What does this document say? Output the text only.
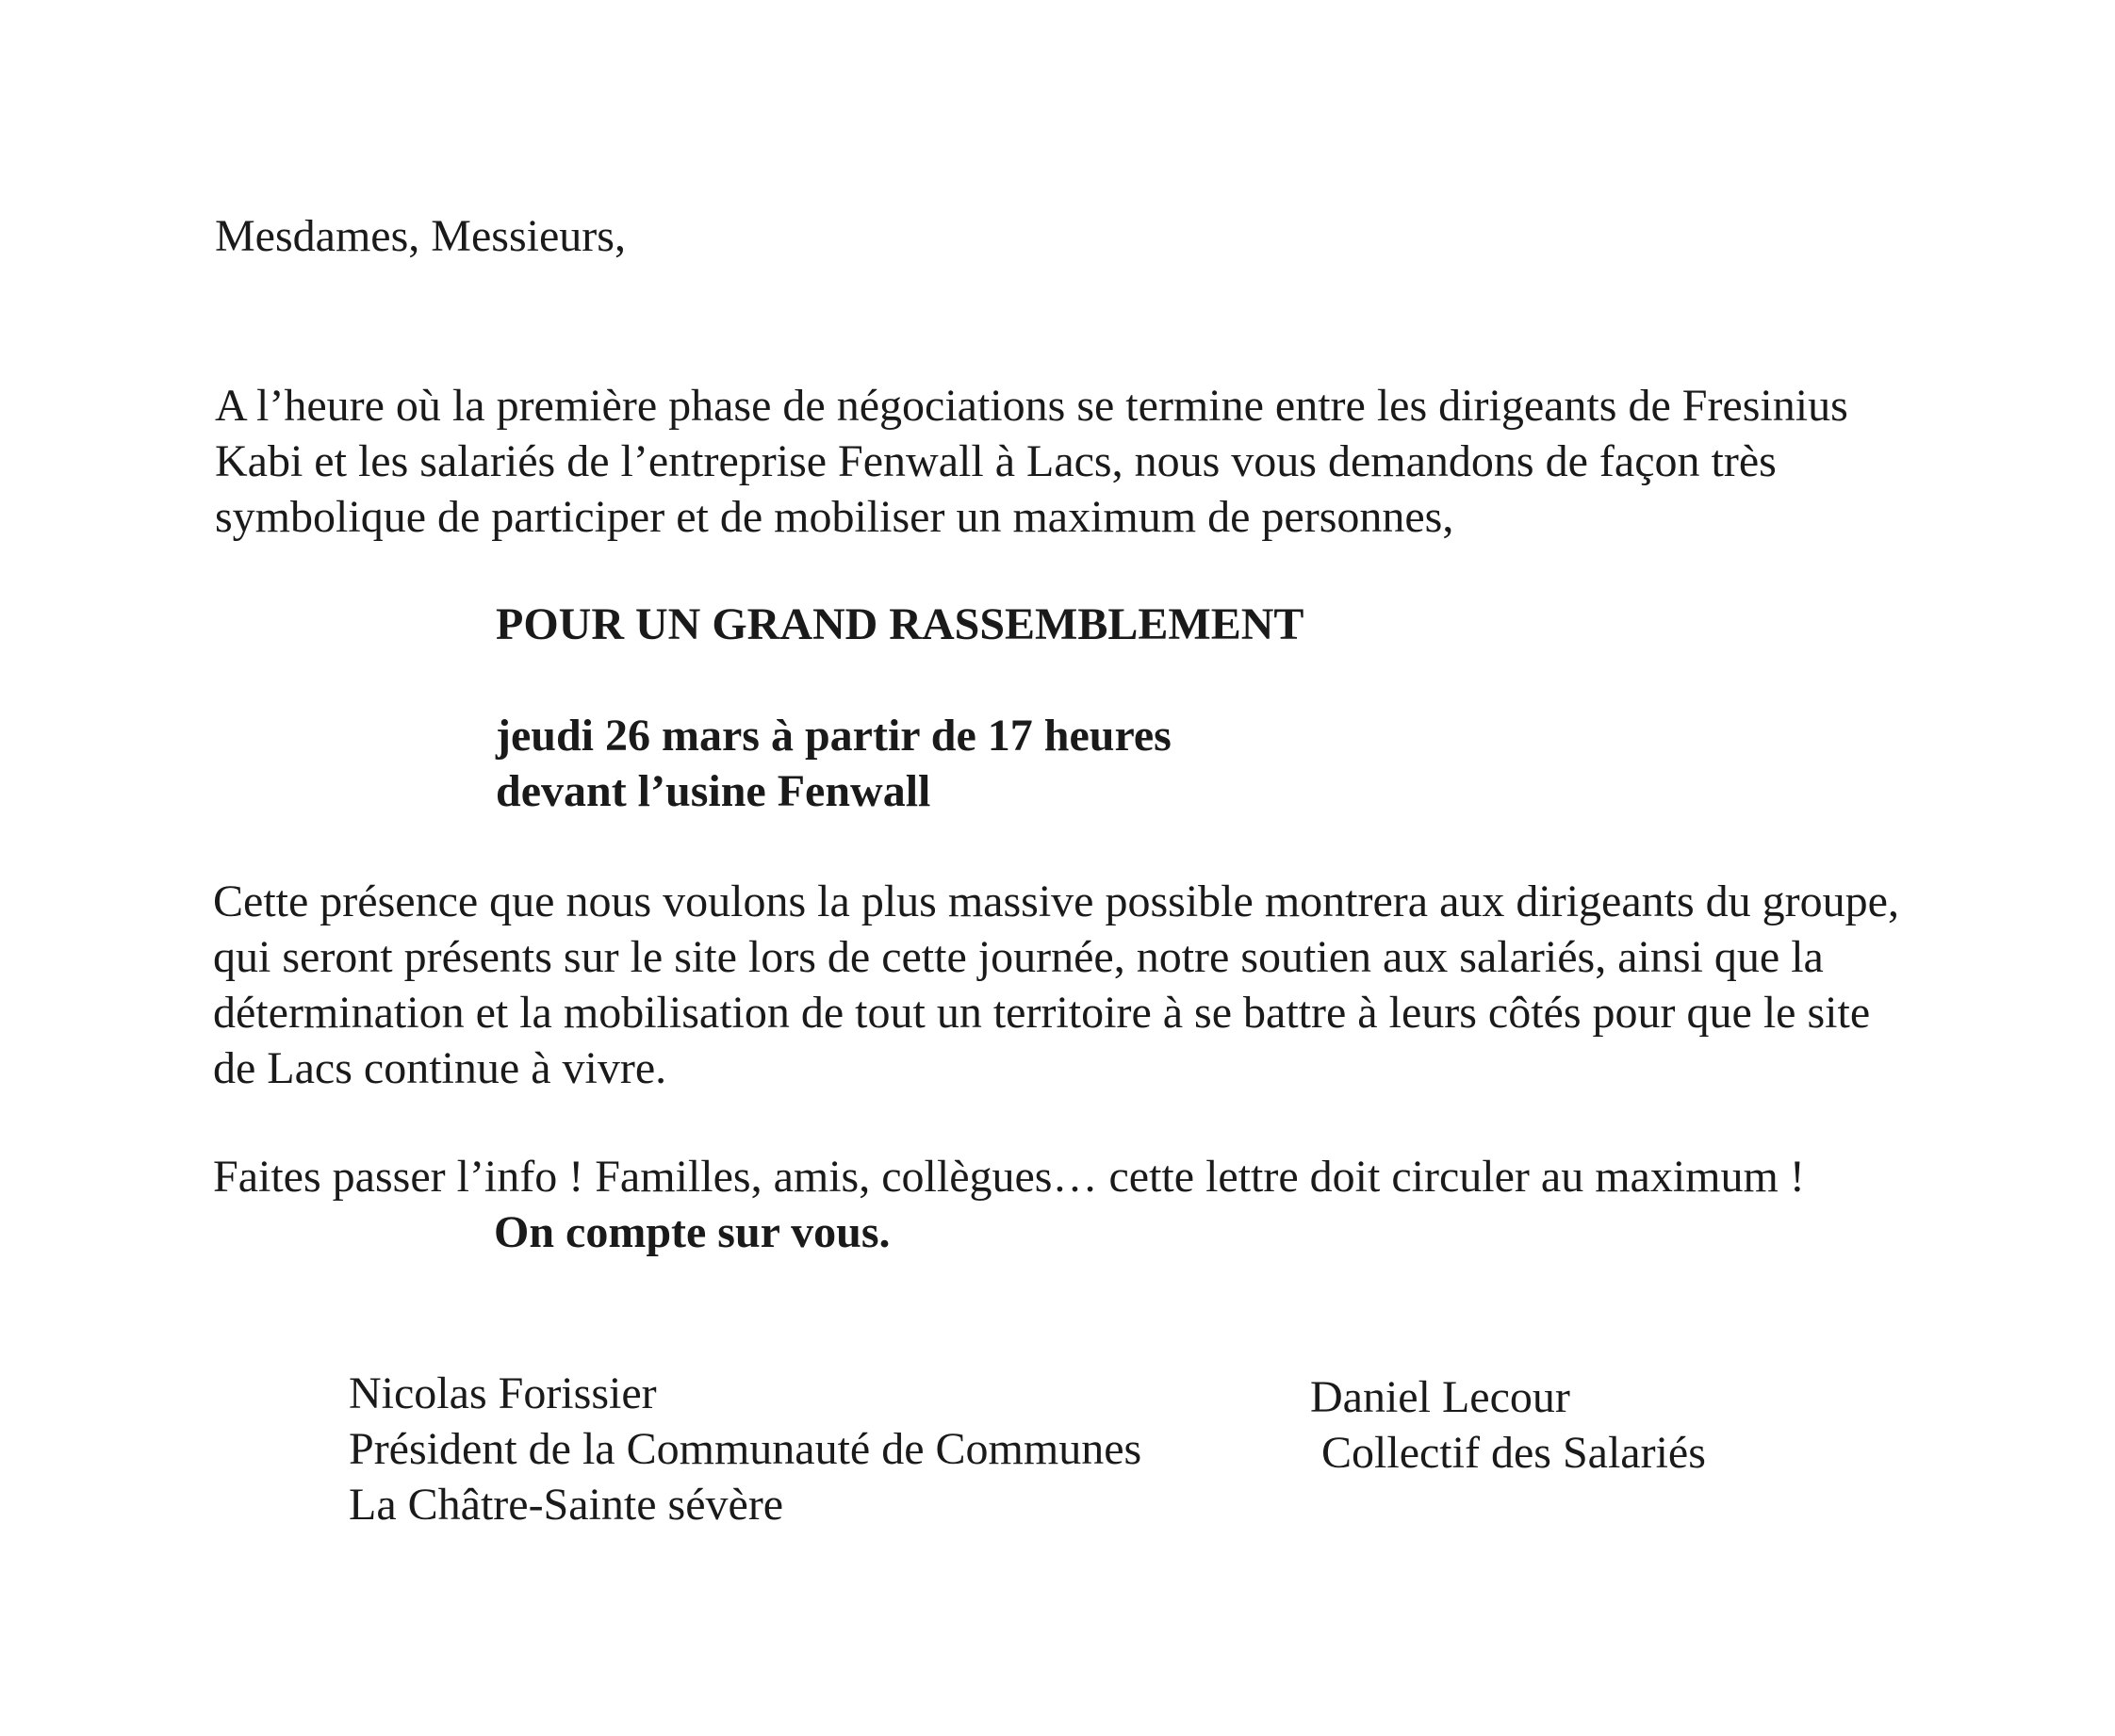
Mesdames, Messieurs,
A l’heure où la première phase de négociations se termine entre les dirigeants de Fresinius
Kabi et les salariés de l’entreprise Fenwall à Lacs, nous vous demandons de façon très
symbolique de participer et de mobiliser un maximum de personnes,
POUR UN GRAND RASSEMBLEMENT
jeudi 26 mars à partir de 17 heures
devant l’usine Fenwall
Cette présence que nous voulons la plus massive possible montrera aux dirigeants du groupe,
qui seront présents sur le site lors de cette journée, notre soutien aux salariés, ainsi que la
détermination et la mobilisation de tout un territoire à se battre à leurs côtés pour que le site
de Lacs continue à vivre.
Faites passer l’info ! Familles, amis, collègues… cette lettre doit circuler au maximum !
On compte sur vous.
Nicolas Forissier
Président de la Communauté de Communes
La Châtre-Sainte sévère
Daniel Lecour
Collectif des Salariés
